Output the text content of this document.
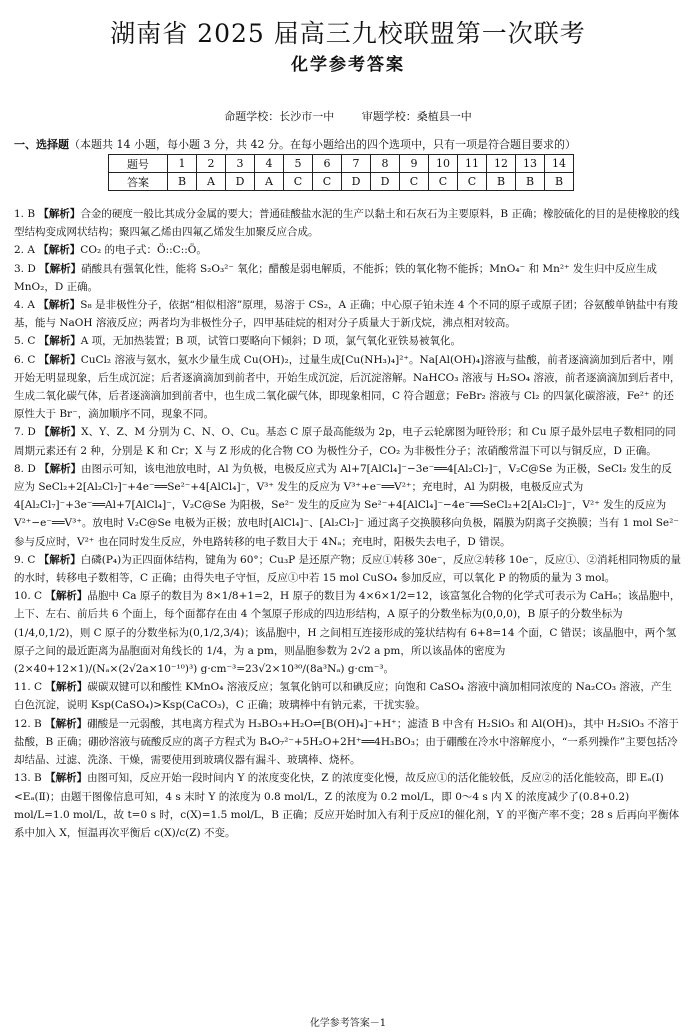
湖南省 2025 届高三九校联盟第一次联考
化学参考答案
命题学校：长沙市一中	审题学校：桑植县一中
一、选择题（本题共 14 小题，每小题 3 分，共 42 分。在每小题给出的四个选项中，只有一项是符合题目要求的）
题号	1	2	3	4	5	6	7	8	9	10	11	12	13	14
答案	B	A	D	A	C	C	D	D	C	C	C	B	B	B

1. B 【解析】合金的硬度一般比其成分金属的要大；普通硅酸盐水泥的生产以黏土和石灰石为主要原料，B 正确；橡胶硫化的目的是使橡胶的线型结构变成网状结构；聚四氟乙烯由四氟乙烯发生加聚反应合成。

2. A 【解析】CO₂ 的电子式：Ö::C::Ö。

3. D 【解析】硝酸具有强氧化性，能将 S₂O₃²⁻ 氧化；醋酸是弱电解质，不能拆；铁的氧化物不能拆；MnO₄⁻ 和 Mn²⁺ 发生归中反应生成 MnO₂，D 正确。

4. A 【解析】S₈ 是非极性分子，依据“相似相溶”原理，易溶于 CS₂，A 正确；中心原子铂未连 4 个不同的原子或原子团；谷氨酸单钠盐中有羧基，能与 NaOH 溶液反应；两者均为非极性分子，四甲基硅烷的相对分子质量大于新戊烷，沸点相对较高。

5. C 【解析】A 项，无加热装置；B 项，试管口要略向下倾斜；D 项，氯气氧化亚铁易被氧化。

6. C 【解析】CuCl₂ 溶液与氨水，氨水少量生成 Cu(OH)₂，过量生成[Cu(NH₃)₄]²⁺。Na[Al(OH)₄]溶液与盐酸，前者逐滴滴加到后者中，刚开始无明显现象，后生成沉淀；后者逐滴滴加到前者中，开始生成沉淀，后沉淀溶解。NaHCO₃ 溶液与 H₂SO₄ 溶液，前者逐滴滴加到后者中，生成二氧化碳气体，后者逐滴滴加到前者中，也生成二氧化碳气体，即现象相同，C 符合题意；FeBr₂ 溶液与 Cl₂ 的四氯化碳溶液，Fe²⁺ 的还原性大于 Br⁻，滴加顺序不同，现象不同。

7. D 【解析】X、Y、Z、M 分别为 C、N、O、Cu。基态 C 原子最高能级为 2p，电子云轮廓图为哑铃形；和 Cu 原子最外层电子数相同的同周期元素还有 2 种，分别是 K 和 Cr；X 与 Z 形成的化合物 CO 为极性分子，CO₂ 为非极性分子；浓硝酸常温下可以与铜反应，D 正确。

8. D 【解析】由图示可知，该电池放电时，Al 为负极，电极反应式为 Al+7[AlCl₄]⁻−3e⁻══4[Al₂Cl₇]⁻，V₂C@Se 为正极，SeCl₂ 发生的反应为 SeCl₂+2[Al₂Cl₇]⁻+4e⁻══Se²⁻+4[AlCl₄]⁻，V³⁺ 发生的反应为 V³⁺+e⁻══V²⁺；充电时，Al 为阴极，电极反应式为 4[Al₂Cl₇]⁻+3e⁻══Al+7[AlCl₄]⁻，V₂C@Se 为阳极，Se²⁻ 发生的反应为 Se²⁻+4[AlCl₄]⁻−4e⁻══SeCl₂+2[Al₂Cl₇]⁻，V²⁺ 发生的反应为 V²⁺−e⁻══V³⁺。放电时 V₂C@Se 电极为正极；放电时[AlCl₄]⁻、[Al₂Cl₇]⁻ 通过离子交换膜移向负极，隔膜为阴离子交换膜；当有 1 mol Se²⁻ 参与反应时，V²⁺ 也在同时发生反应，外电路转移的电子数目大于 4Nₐ；充电时，阳极失去电子，D 错误。

9. C 【解析】白磷(P₄)为正四面体结构，键角为 60°；Cu₃P 是还原产物；反应①转移 30e⁻，反应②转移 10e⁻，反应①、②消耗相同物质的量的水时，转移电子数相等，C 正确；由得失电子守恒，反应①中若 15 mol CuSO₄ 参加反应，可以氧化 P 的物质的量为 3 mol。

10. C 【解析】晶胞中 Ca 原子的数目为 8×1/8+1=2，H 原子的数目为 4×6×1/2=12，该富氢化合物的化学式可表示为 CaH₆；该晶胞中，上下、左右、前后共 6 个面上，每个面都存在由 4 个氢原子形成的四边形结构，A 原子的分数坐标为(0,0,0)，B 原子的分数坐标为(1/4,0,1/2)，则 C 原子的分数坐标为(0,1/2,3/4)；该晶胞中，H 之间相互连接形成的笼状结构有 6+8=14 个面，C 错误；该晶胞中，两个氢原子之间的最近距离为晶胞面对角线长的 1/4，为 a pm，则晶胞参数为 2√2 a pm，所以该晶体的密度为 (2×40+12×1)/(Nₐ×(2√2a×10⁻¹⁰)³) g·cm⁻³=23√2×10³⁰/(8a³Nₐ) g·cm⁻³。

11. C 【解析】碳碳双键可以和酸性 KMnO₄ 溶液反应；氢氧化钠可以和碘反应；向饱和 CaSO₄ 溶液中滴加相同浓度的 Na₂CO₃ 溶液，产生白色沉淀，说明 Ksp(CaSO₄)>Ksp(CaCO₃)，C 正确；玻璃棒中有钠元素，干扰实验。

12. B 【解析】硼酸是一元弱酸，其电离方程式为 H₃BO₃+H₂O⇌[B(OH)₄]⁻+H⁺；滤渣 B 中含有 H₂SiO₃ 和 Al(OH)₃，其中 H₂SiO₃ 不溶于盐酸，B 正确；硼砂溶液与硫酸反应的离子方程式为 B₄O₇²⁻+5H₂O+2H⁺══4H₃BO₃；由于硼酸在冷水中溶解度小，“一系列操作”主要包括冷却结晶、过滤、洗涤、干燥，需要使用到玻璃仪器有漏斗、玻璃棒、烧杯。

13. B 【解析】由图可知，反应开始一段时间内 Y 的浓度变化快，Z 的浓度变化慢，故反应①的活化能较低，反应②的活化能较高，即 Eₐ(Ⅰ)<Eₐ(Ⅱ)；由题干图像信息可知，4 s 末时 Y 的浓度为 0.8 mol/L，Z 的浓度为 0.2 mol/L，即 0～4 s 内 X 的浓度减少了(0.8+0.2) mol/L=1.0 mol/L，故 t=0 s 时，c(X)=1.5 mol/L，B 正确；反应开始时加入有利于反应Ⅰ的催化剂，Y 的平衡产率不变；28 s 后再向平衡体系中加入 X，恒温再次平衡后 c(X)/c(Z) 不变。

化学参考答案－1
